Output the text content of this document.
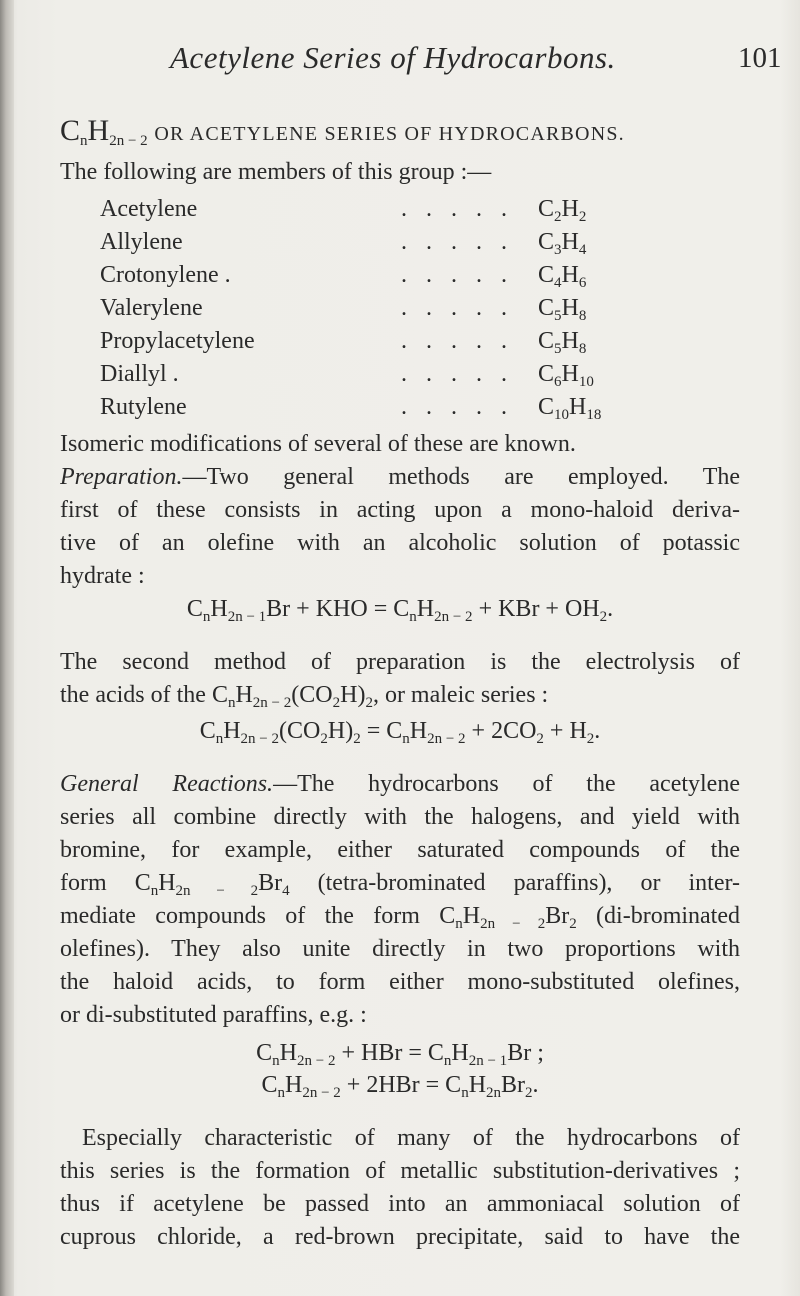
Acetylene Series of Hydrocarbons.	101
$C_nH_{2n - 2}$ OR ACETYLENE SERIES OF HYDROCARBONS.
The following are members of this group :—
.....
Acetylene	$C_2H_2$
.....
Allylene	$C_3H_4$
.....
Crotonylene .	$C_4H_6$
.....
Valerylene	$C_5H_8$
.....
Propylacetylene	$C_5H_8$
.....
Diallyl .	$C_6H_{10}$
.....
Rutylene	$C_{10}H_{18}$
Isomeric modifications of several of these are known.
Preparation.—Two general methods are employed. The
first of these consists in acting upon a mono-haloid deriva-
tive of an olefine with an alcoholic solution of potassic
hydrate :
$C_nH_{2n - 1}Br$ + KHO = $C_nH_{2n - 2}$ + KBr + $OH_2$.
The second method of preparation is the electrolysis of
the acids of the $C_nH_{2n - 2}(CO_2H)_2$, or maleic series :
$C_nH_{2n - 2}(CO_2H)_2 = C_nH_{2n - 2} + 2CO_2 + H_2$.
General Reactions.—The hydrocarbons of the acetylene
series all combine directly with the halogens, and yield with
bromine, for example, either saturated compounds of the
form $C_nH_{2n - 2}Br_4$ (tetra-brominated paraffins), or inter-
mediate compounds of the form $C_nH_{2n - 2}Br_2$ (di-brominated
olefines). They also unite directly in two proportions with
the haloid acids, to form either mono-substituted olefines,
or di-substituted paraffins, e.g. :
$C_nH_{2n - 2}$ + HBr = $C_nH_{2n - 1}Br$ ;
$C_nH_{2n - 2} + 2HBr = C_nH_{2n}Br_2$.
Especially characteristic of many of the hydrocarbons of
this series is the formation of metallic substitution-derivatives ;
thus if acetylene be passed into an ammoniacal solution of
cuprous chloride, a red-brown precipitate, said to have the
